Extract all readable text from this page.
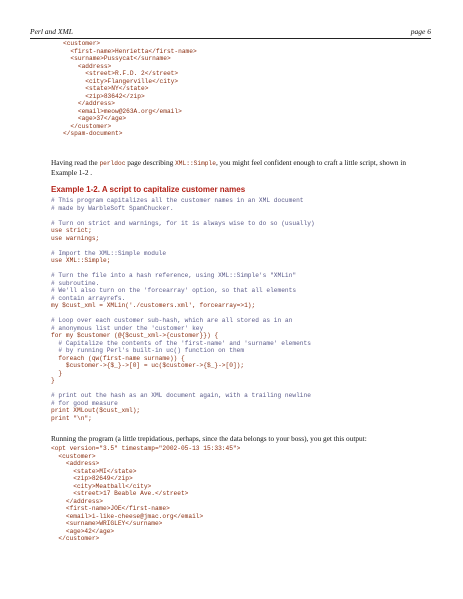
Perl and XML	page 6
<customer>
<first-name>Henrietta</first-name>
<surname>Pussycat</surname>
<address>
<street>R.F.D. 2</street>
<city>Flangerville</city>
<state>NY</state>
<zip>83642</zip>
</address>
<email>meow@263A.org</email>
<age>37</age>
</customer>
</spam-document>

Having read the perldoc page describing XML::Simple, you might feel confident enough to craft a little script, shown in Example 1-2 .

Example 1-2. A script to capitalize customer names

# This program capitalizes all the customer names in an XML document
# made by WarbleSoft SpamChucker.
# Turn on strict and warnings, for it is always wise to do so (usually)
use strict;
use warnings;
# Import the XML::Simple module
use XML::Simple;
# Turn the file into a hash reference, using XML::Simple's "XMLin"
# subroutine.
# We'll also turn on the 'forcearray' option, so that all elements
# contain arrayrefs.
my $cust_xml = XMLin('./customers.xml', forcearray=>1);
# Loop over each customer sub-hash, which are all stored as in an
# anonymous list under the 'customer' key
for my $customer (@{$cust_xml->{customer}}) {
# Capitalize the contents of the 'first-name' and 'surname' elements
# by running Perl's built-in uc() function on them
foreach (qw(first-name surname)) {
$customer->{$_}->[0] = uc($customer->{$_}->[0]);
}
}
# print out the hash as an XML document again, with a trailing newline
# for good measure
print XMLout($cust_xml);
print "\n";

Running the program (a little trepidatious, perhaps, since the data belongs to your boss), you get this output:

<opt version="3.5" timestamp="2002-05-13 15:33:45">
<customer>
<address>
<state>MI</state>
<zip>82649</zip>
<city>Meatball</city>
<street>17 Beable Ave.</street>
</address>
<first-name>JOE</first-name>
<email>i-like-cheese@jmac.org</email>
<surname>WRIGLEY</surname>
<age>42</age>
</customer>
